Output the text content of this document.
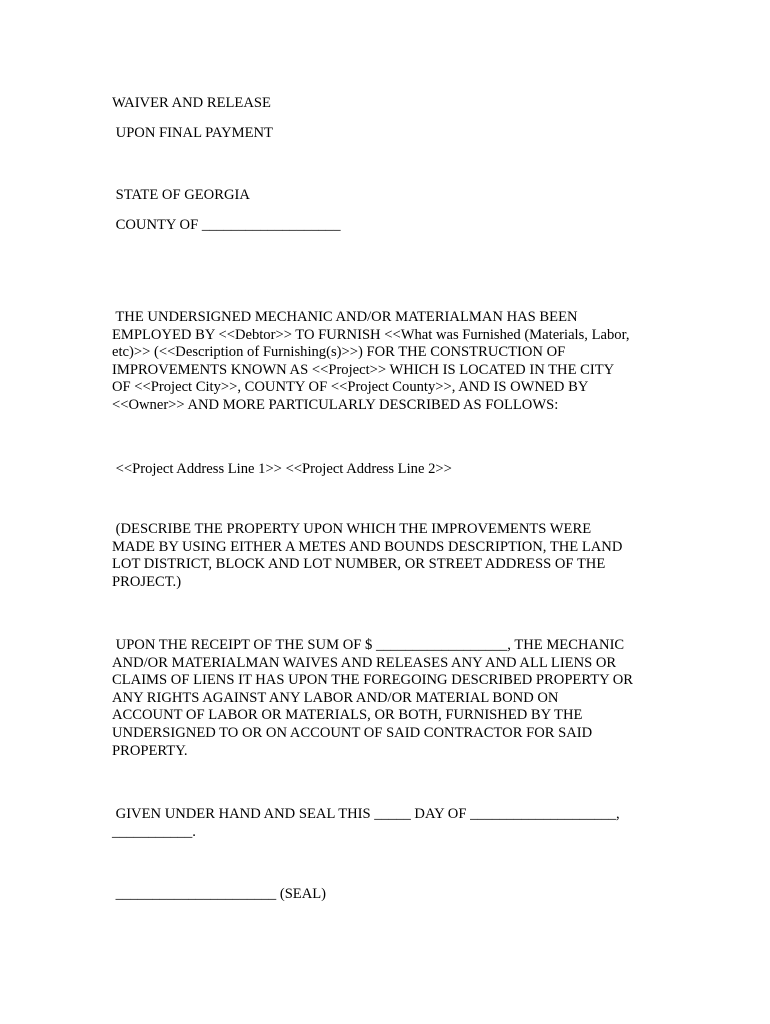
WAIVER AND RELEASE
UPON FINAL PAYMENT
STATE OF GEORGIA
COUNTY OF ___________________
THE UNDERSIGNED MECHANIC AND/OR MATERIALMAN HAS BEEN
EMPLOYED BY <<Debtor>> TO FURNISH <<What was Furnished (Materials, Labor,
etc)>> (<<Description of Furnishing(s)>>) FOR THE CONSTRUCTION OF
IMPROVEMENTS KNOWN AS <<Project>> WHICH IS LOCATED IN THE CITY
OF <<Project City>>, COUNTY OF <<Project County>>, AND IS OWNED BY
<<Owner>> AND MORE PARTICULARLY DESCRIBED AS FOLLOWS:
<<Project Address Line 1>> <<Project Address Line 2>>
(DESCRIBE THE PROPERTY UPON WHICH THE IMPROVEMENTS WERE
MADE BY USING EITHER A METES AND BOUNDS DESCRIPTION, THE LAND
LOT DISTRICT, BLOCK AND LOT NUMBER, OR STREET ADDRESS OF THE
PROJECT.)
UPON THE RECEIPT OF THE SUM OF $ __________________, THE MECHANIC
AND/OR MATERIALMAN WAIVES AND RELEASES ANY AND ALL LIENS OR
CLAIMS OF LIENS IT HAS UPON THE FOREGOING DESCRIBED PROPERTY OR
ANY RIGHTS AGAINST ANY LABOR AND/OR MATERIAL BOND ON
ACCOUNT OF LABOR OR MATERIALS, OR BOTH, FURNISHED BY THE
UNDERSIGNED TO OR ON ACCOUNT OF SAID CONTRACTOR FOR SAID
PROPERTY.
GIVEN UNDER HAND AND SEAL THIS _____ DAY OF ____________________,
___________.
______________________ (SEAL)
